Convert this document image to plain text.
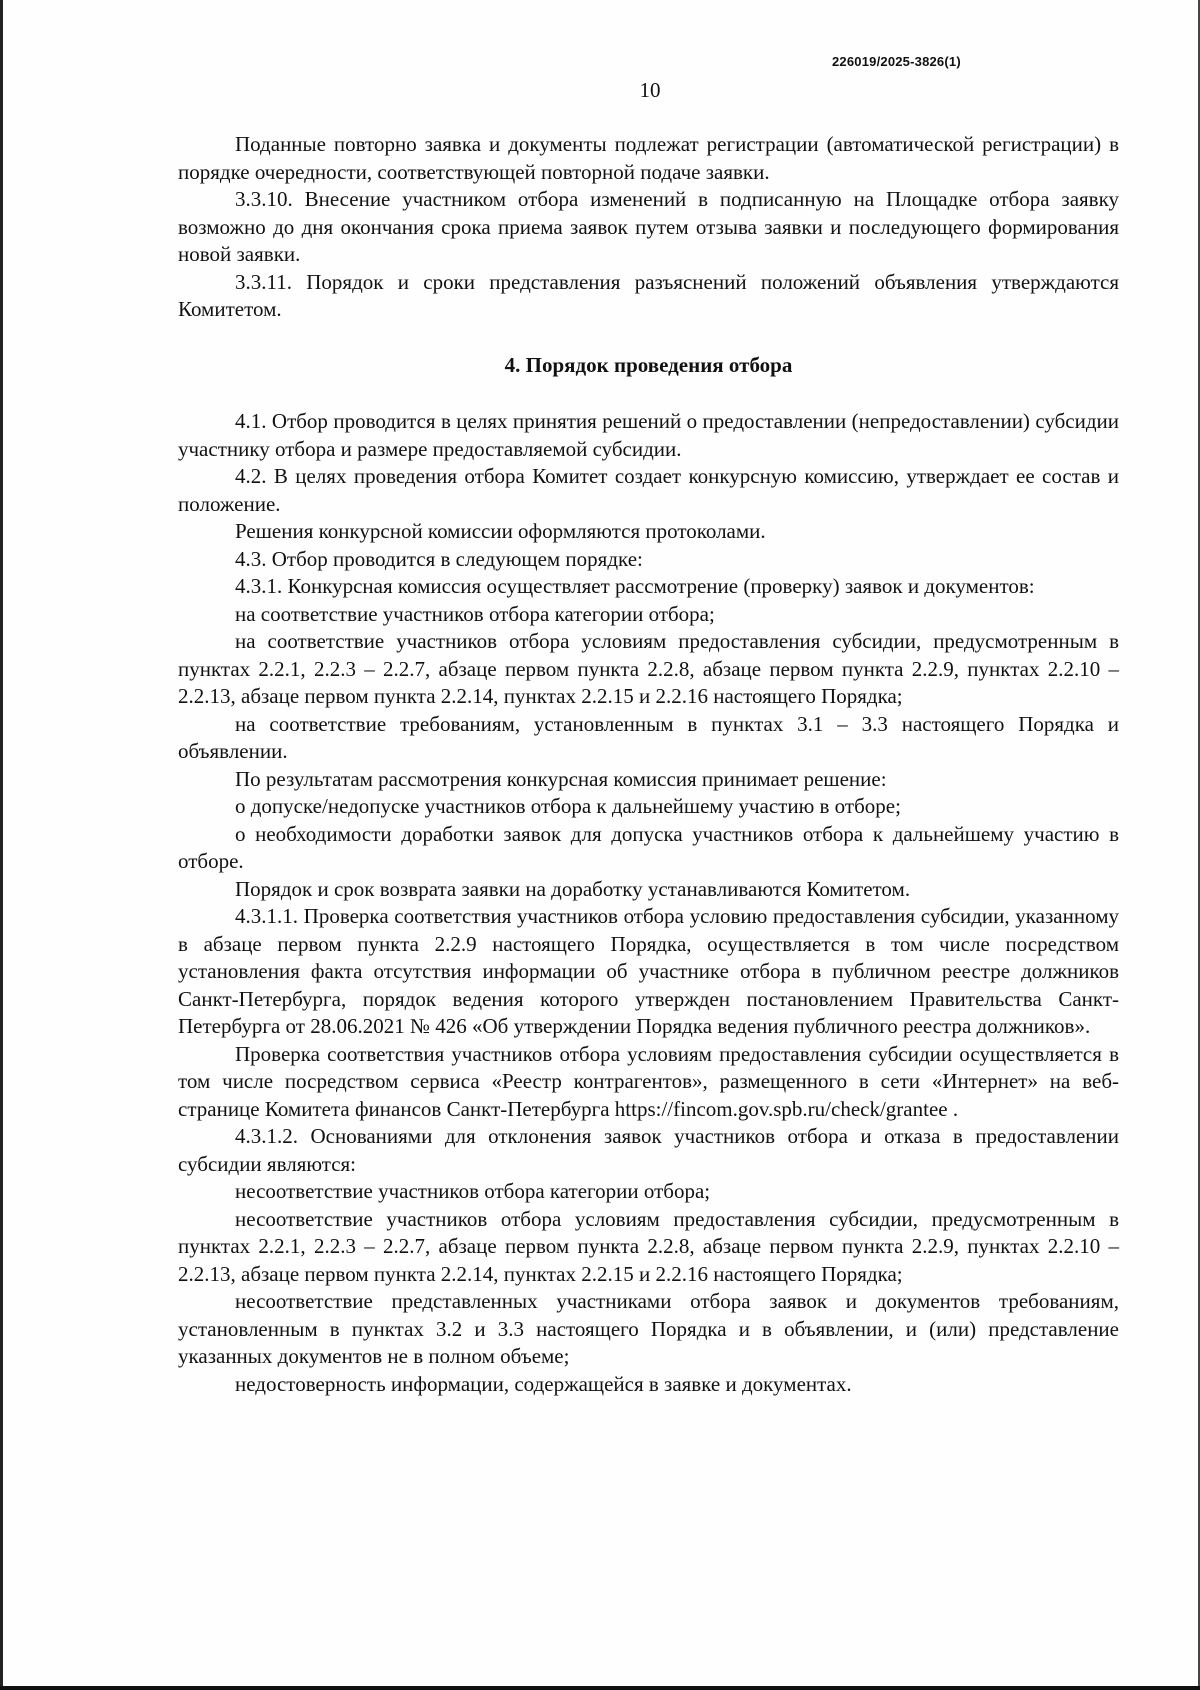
226019/2025-3826(1)
10

Поданные повторно заявка и документы подлежат регистрации (автоматической регистрации) в порядке очередности, соответствующей повторной подаче заявки.

3.3.10. Внесение участником отбора изменений в подписанную на Площадке отбора заявку возможно до дня окончания срока приема заявок путем отзыва заявки и последующего формирования новой заявки.

3.3.11. Порядок и сроки представления разъяснений положений объявления утверждаются Комитетом.

4. Порядок проведения отбора

4.1. Отбор проводится в целях принятия решений о предоставлении (непредоставлении) субсидии участнику отбора и размере предоставляемой субсидии.

4.2. В целях проведения отбора Комитет создает конкурсную комиссию, утверждает ее состав и положение.

Решения конкурсной комиссии оформляются протоколами.

4.3. Отбор проводится в следующем порядке:

4.3.1. Конкурсная комиссия осуществляет рассмотрение (проверку) заявок и документов:

на соответствие участников отбора категории отбора;

на соответствие участников отбора условиям предоставления субсидии, предусмотренным в пунктах 2.2.1, 2.2.3 – 2.2.7, абзаце первом пункта 2.2.8, абзаце первом пункта 2.2.9, пунктах 2.2.10 – 2.2.13, абзаце первом пункта 2.2.14, пунктах 2.2.15 и 2.2.16 настоящего Порядка;

на соответствие требованиям, установленным в пунктах 3.1 – 3.3 настоящего Порядка и объявлении.

По результатам рассмотрения конкурсная комиссия принимает решение:

о допуске/недопуске участников отбора к дальнейшему участию в отборе;

о необходимости доработки заявок для допуска участников отбора к дальнейшему участию в отборе.

Порядок и срок возврата заявки на доработку устанавливаются Комитетом.

4.3.1.1. Проверка соответствия участников отбора условию предоставления субсидии, указанному в абзаце первом пункта 2.2.9 настоящего Порядка, осуществляется в том числе посредством установления факта отсутствия информации об участнике отбора в публичном реестре должников Санкт-Петербурга, порядок ведения которого утвержден постановлением Правительства Санкт-Петербурга от 28.06.2021 № 426 «Об утверждении Порядка ведения публичного реестра должников».

Проверка соответствия участников отбора условиям предоставления субсидии осуществляется в том числе посредством сервиса «Реестр контрагентов», размещенного в сети «Интернет» на веб-странице Комитета финансов Санкт-Петербурга https://fincom.gov.spb.ru/check/grantee .

4.3.1.2. Основаниями для отклонения заявок участников отбора и отказа в предоставлении субсидии являются:

несоответствие участников отбора категории отбора;

несоответствие участников отбора условиям предоставления субсидии, предусмотренным в пунктах 2.2.1, 2.2.3 – 2.2.7, абзаце первом пункта 2.2.8, абзаце первом пункта 2.2.9, пунктах 2.2.10 – 2.2.13, абзаце первом пункта 2.2.14, пунктах 2.2.15 и 2.2.16 настоящего Порядка;

несоответствие представленных участниками отбора заявок и документов требованиям, установленным в пунктах 3.2 и 3.3 настоящего Порядка и в объявлении, и (или) представление указанных документов не в полном объеме;

недостоверность информации, содержащейся в заявке и документах.
